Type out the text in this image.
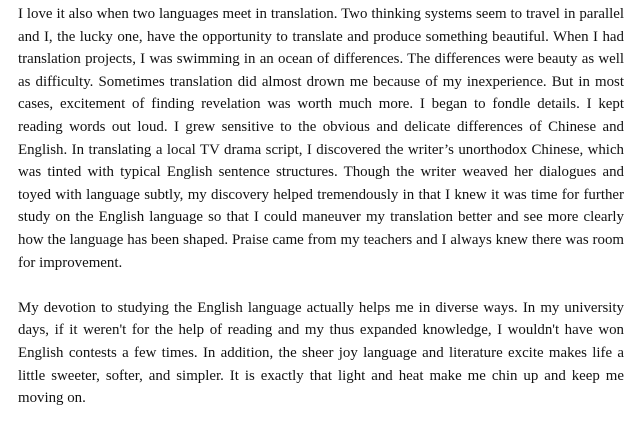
I love it also when two languages meet in translation. Two thinking systems seem to travel in parallel and I, the lucky one, have the opportunity to translate and produce something beautiful. When I had translation projects, I was swimming in an ocean of differences. The differences were beauty as well as difficulty. Sometimes translation did almost drown me because of my inexperience. But in most cases, excitement of finding revelation was worth much more. I began to fondle details. I kept reading words out loud. I grew sensitive to the obvious and delicate differences of Chinese and English. In translating a local TV drama script, I discovered the writer’s unorthodox Chinese, which was tinted with typical English sentence structures. Though the writer weaved her dialogues and toyed with language subtly, my discovery helped tremendously in that I knew it was time for further study on the English language so that I could maneuver my translation better and see more clearly how the language has been shaped. Praise came from my teachers and I always knew there was room for improvement.

My devotion to studying the English language actually helps me in diverse ways. In my university days, if it weren't for the help of reading and my thus expanded knowledge, I wouldn't have won English contests a few times. In addition, the sheer joy language and literature excite makes life a little sweeter, softer, and simpler. It is exactly that light and heat make me chin up and keep me moving on.
